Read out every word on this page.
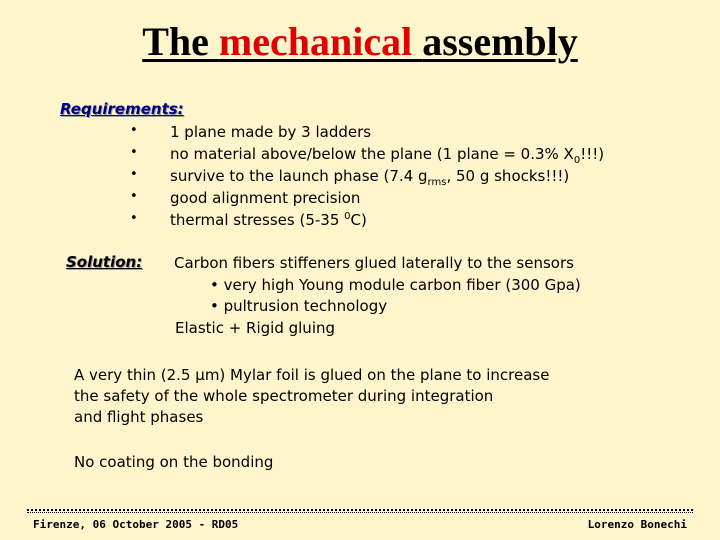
The mechanical assembly
Requirements:
• 1 plane made by 3 ladders
• no material above/below the plane (1 plane = 0.3% $X_0$!!!)
• survive to the launch phase (7.4 $g_{rms}$, 50 g shocks!!!)
• good alignment precision
• thermal stresses (5-35 $^0$C)
Solution: Carbon fibers stiffeners glued laterally to the sensors
• very high Young module carbon fiber (300 Gpa)
• pultrusion technology
Elastic + Rigid gluing
A very thin (2.5 μm) Mylar foil is glued on the plane to increase
the safety of the whole spectrometer during integration
and flight phases
No coating on the bonding
Firenze, 06 October 2005 - RD05	Lorenzo Bonechi
